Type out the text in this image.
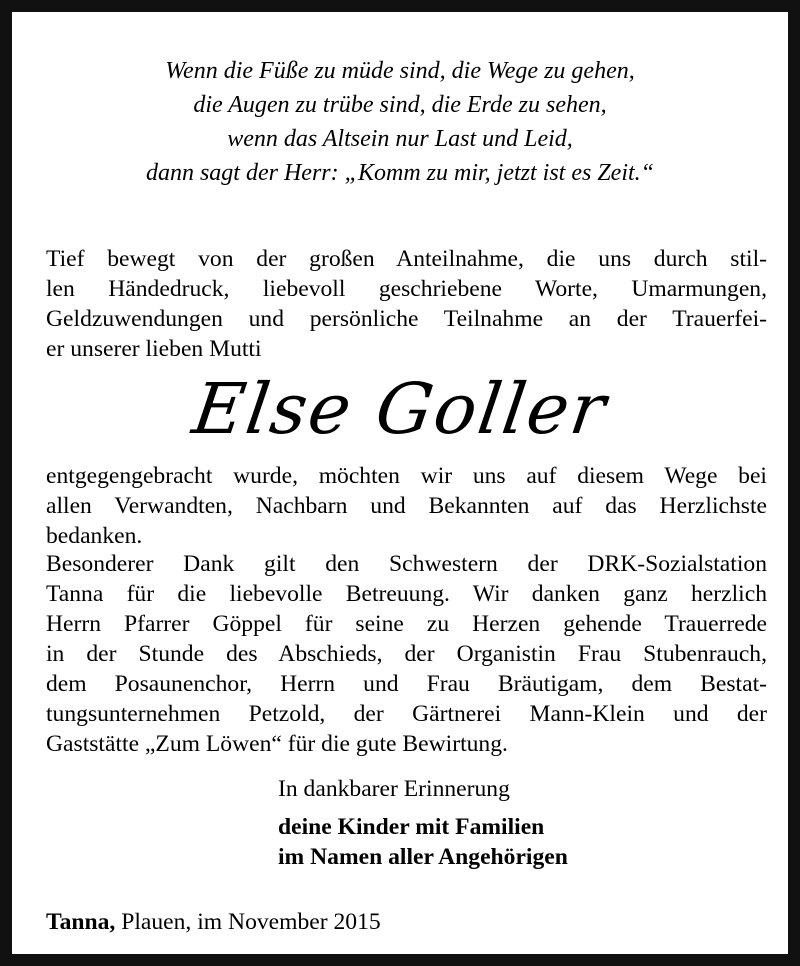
Wenn die Füße zu müde sind, die Wege zu gehen,
die Augen zu trübe sind, die Erde zu sehen,
wenn das Altsein nur Last und Leid,
dann sagt der Herr: „Komm zu mir, jetzt ist es Zeit.“
Tief bewegt von der großen Anteilnahme, die uns durch stil-
len Händedruck, liebevoll geschriebene Worte, Umarmungen,
Geldzuwendungen und persönliche Teilnahme an der Trauerfei-
er unserer lieben Mutti
Else Goller
entgegengebracht wurde, möchten wir uns auf diesem Wege bei
allen Verwandten, Nachbarn und Bekannten auf das Herzlichste
bedanken.
Besonderer Dank gilt den Schwestern der DRK-Sozialstation
Tanna für die liebevolle Betreuung. Wir danken ganz herzlich
Herrn Pfarrer Göppel für seine zu Herzen gehende Trauerrede
in der Stunde des Abschieds, der Organistin Frau Stubenrauch,
dem Posaunenchor, Herrn und Frau Bräutigam, dem Bestat-
tungsunternehmen Petzold, der Gärtnerei Mann-Klein und der
Gaststätte „Zum Löwen“ für die gute Bewirtung.
In dankbarer Erinnerung
deine Kinder mit Familien
im Namen aller Angehörigen
Tanna, Plauen, im November 2015
